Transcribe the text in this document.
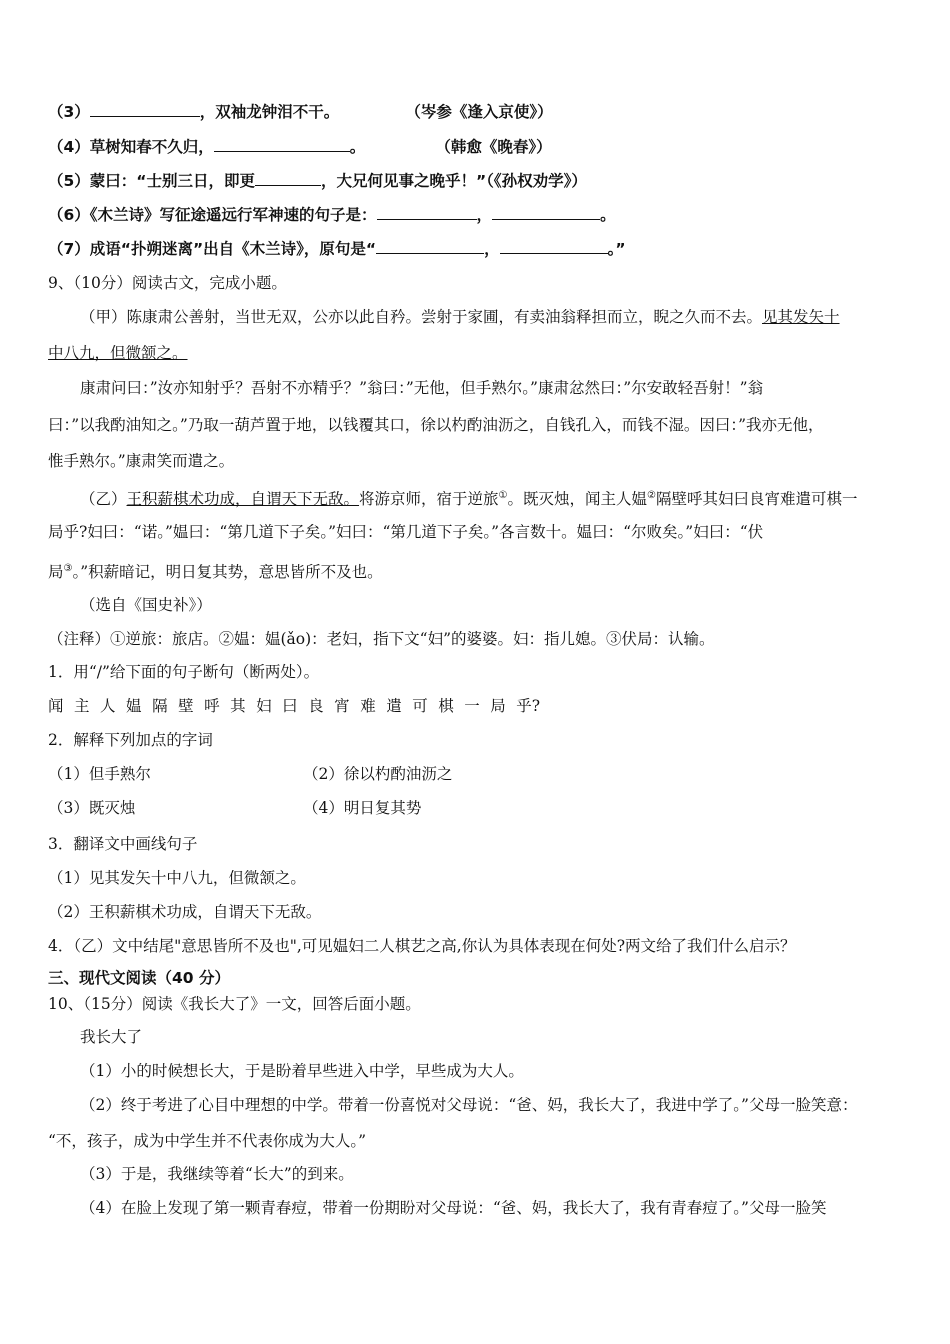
（3）	，双袖龙钟泪不干。	（岑参《逢入京使》）
（4）草树知春不久归，	。	（韩愈《晚春》）
（5）蒙曰：“士别三日，即更	，大兄何见事之晚乎！”（《孙权劝学》）
（6）《木兰诗》写征途遥远行军神速的句子是：	，	。
（7）成语“扑朔迷离”出自《木兰诗》，原句是“	，	。”
9、（10分）阅读古文，完成小题。
（甲）陈康肃公善射，当世无双，公亦以此自矜。尝射于家圃，有卖油翁释担而立，睨之久而不去。见其发矢十
中八九，但微颔之。
康肃问曰：”汝亦知射乎？吾射不亦精乎？”翁曰：”无他，但手熟尔。”康肃忿然曰：”尔安敢轻吾射！”翁
曰：”以我酌油知之。”乃取一葫芦置于地，以钱覆其口，徐以杓酌油沥之，自钱孔入，而钱不湿。因曰：”我亦无他，
惟手熟尔。”康肃笑而遣之。
（乙）王积薪棋术功成，自谓天下无敌。将游京师，宿于逆旅①。既灭烛，闻主人媪②隔壁呼其妇曰良宵难遣可棋一
局乎?妇曰：“诺。”媪曰：“第几道下子矣。”妇曰：“第几道下子矣。”各言数十。媪曰：“尔败矣。”妇曰：“伏
局③。”积薪暗记，明日复其势，意思皆所不及也。
（选自《国史补》）
（注释）①逆旅：旅店。②媪：媪(ǎo)：老妇，指下文“妇”的婆婆。妇：指儿媳。③伏局：认输。
1．用“/”给下面的句子断句（断两处）。
闻 主 人 媪 隔 壁 呼 其 妇 曰 良 宵 难 遣 可 棋 一 局 乎?
2．解释下列加点的字词
（1）但手熟尔	（2）徐以杓酌油沥之
（3）既灭烛	（4）明日复其势
3．翻译文中画线句子
（1）见其发矢十中八九，但微颔之。
（2）王积薪棋术功成，自谓天下无敌。
4．（乙）文中结尾"意思皆所不及也",可见媪妇二人棋艺之高,你认为具体表现在何处?两文给了我们什么启示？
三、现代文阅读（40 分）
10、（15分）阅读《我长大了》一文，回答后面小题。
我长大了
（1）小的时候想长大，于是盼着早些进入中学，早些成为大人。
（2）终于考进了心目中理想的中学。带着一份喜悦对父母说：“爸、妈，我长大了，我进中学了。”父母一脸笑意：
“不，孩子，成为中学生并不代表你成为大人。”
（3）于是，我继续等着“长大”的到来。
（4）在脸上发现了第一颗青春痘，带着一份期盼对父母说：“爸、妈，我长大了，我有青春痘了。”父母一脸笑
